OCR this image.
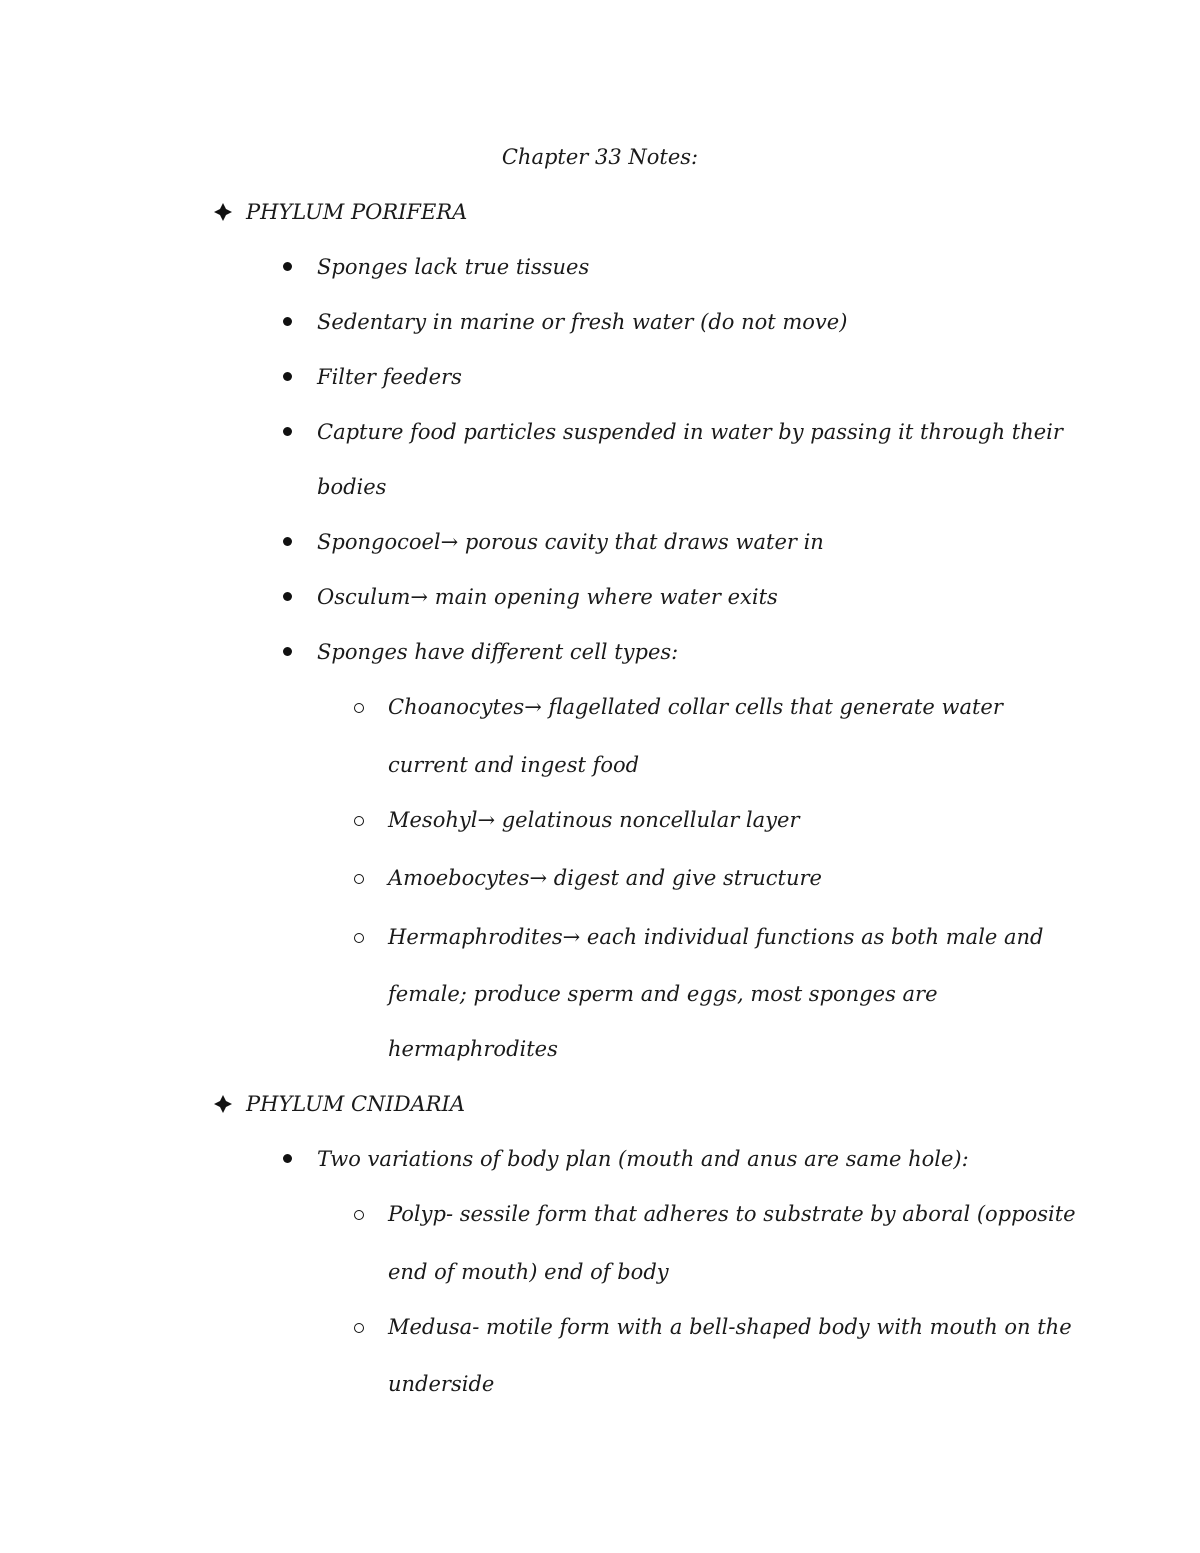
Chapter 33 Notes:
PHYLUM PORIFERA
Sponges lack true tissues
Sedentary in marine or fresh water (do not move)
Filter feeders
Capture food particles suspended in water by passing it through their
bodies
Spongocoel→ porous cavity that draws water in
Osculum→ main opening where water exits
Sponges have different cell types:
Choanocytes→ flagellated collar cells that generate water
current and ingest food
Mesohyl→ gelatinous noncellular layer
Amoebocytes→ digest and give structure
Hermaphrodites→ each individual functions as both male and
female; produce sperm and eggs, most sponges are
hermaphrodites
PHYLUM CNIDARIA
Two variations of body plan (mouth and anus are same hole):
Polyp- sessile form that adheres to substrate by aboral (opposite
end of mouth) end of body
Medusa- motile form with a bell-shaped body with mouth on the
underside
